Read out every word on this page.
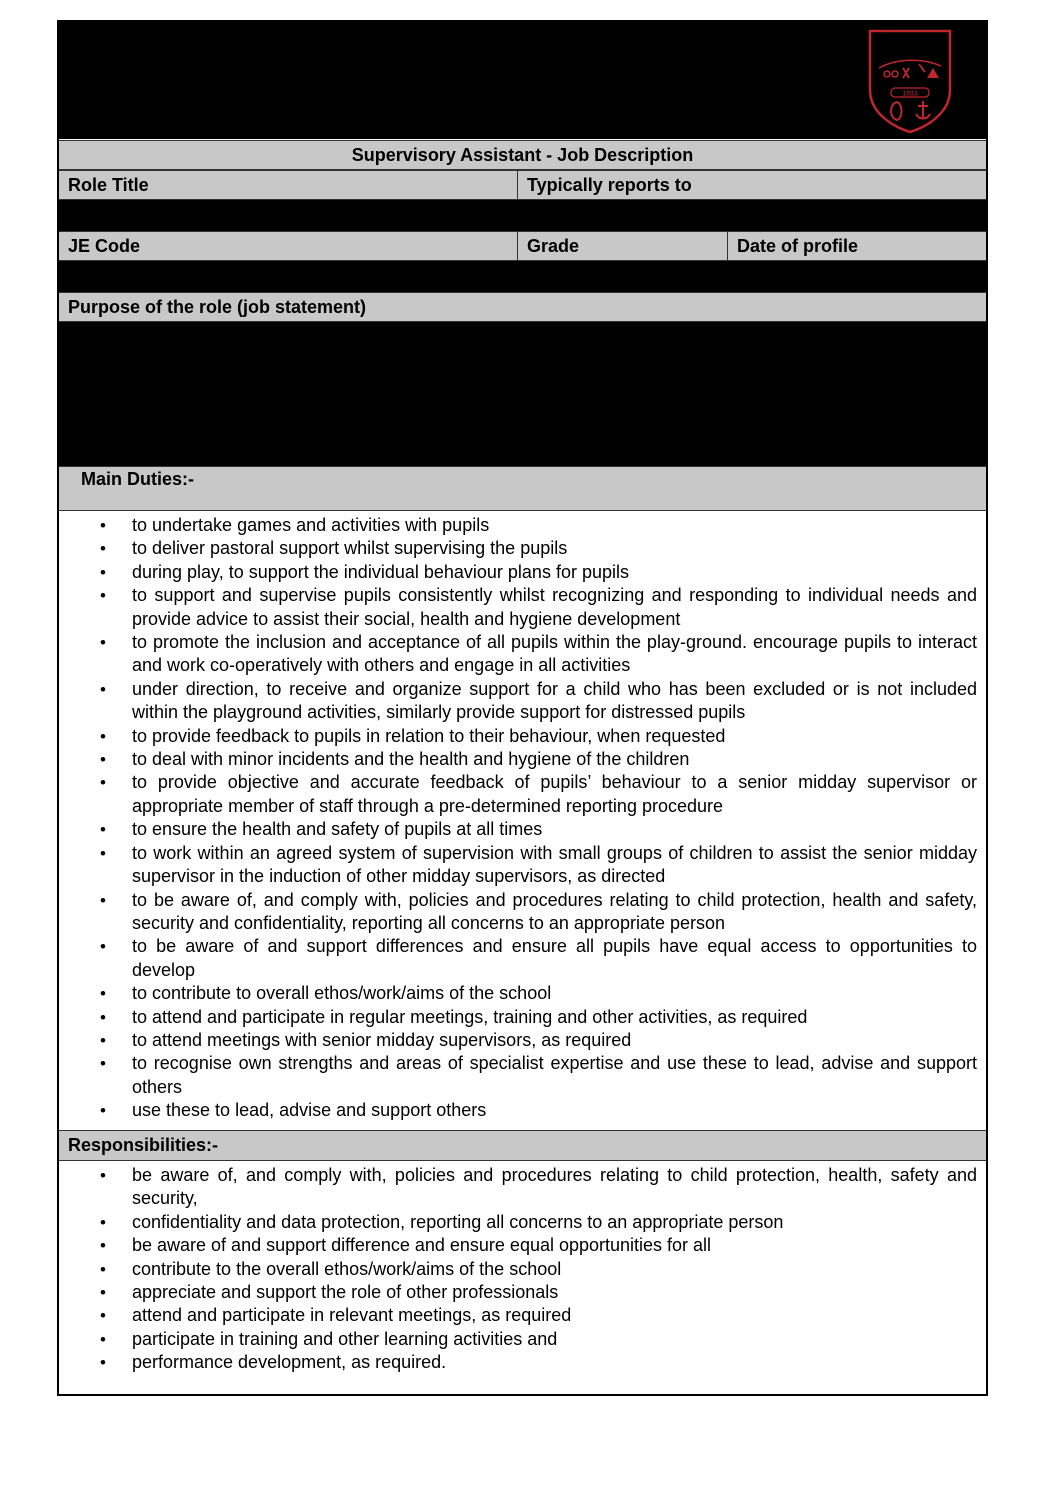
1833
Supervisory Assistant - Job Description
Role Title	Typically reports to
JE Code	Grade	Date of profile
Purpose of the role (job statement)
Main Duties:-
• to undertake games and activities with pupils
• to deliver pastoral support whilst supervising the pupils
• during play, to support the individual behaviour plans for pupils
• to support and supervise pupils consistently whilst recognizing and responding to individual needs and provide advice to assist their social, health and hygiene development
• to promote the inclusion and acceptance of all pupils within the play-ground. encourage pupils to interact and work co-operatively with others and engage in all activities
• under direction, to receive and organize support for a child who has been excluded or is not included within the playground activities, similarly provide support for distressed pupils
• to provide feedback to pupils in relation to their behaviour, when requested
• to deal with minor incidents and the health and hygiene of the children
• to provide objective and accurate feedback of pupils’ behaviour to a senior midday supervisor or appropriate member of staff through a pre-determined reporting procedure
• to ensure the health and safety of pupils at all times
• to work within an agreed system of supervision with small groups of children to assist the senior midday supervisor in the induction of other midday supervisors, as directed
• to be aware of, and comply with, policies and procedures relating to child protection, health and safety, security and confidentiality, reporting all concerns to an appropriate person
• to be aware of and support differences and ensure all pupils have equal access to opportunities to develop
• to contribute to overall ethos/work/aims of the school
• to attend and participate in regular meetings, training and other activities, as required
• to attend meetings with senior midday supervisors, as required
• to recognise own strengths and areas of specialist expertise and use these to lead, advise and support others
• use these to lead, advise and support others
Responsibilities:-
• be aware of, and comply with, policies and procedures relating to child protection, health, safety and security,
• confidentiality and data protection, reporting all concerns to an appropriate person
• be aware of and support difference and ensure equal opportunities for all
• contribute to the overall ethos/work/aims of the school
• appreciate and support the role of other professionals
• attend and participate in relevant meetings, as required
• participate in training and other learning activities and
• performance development, as required.
